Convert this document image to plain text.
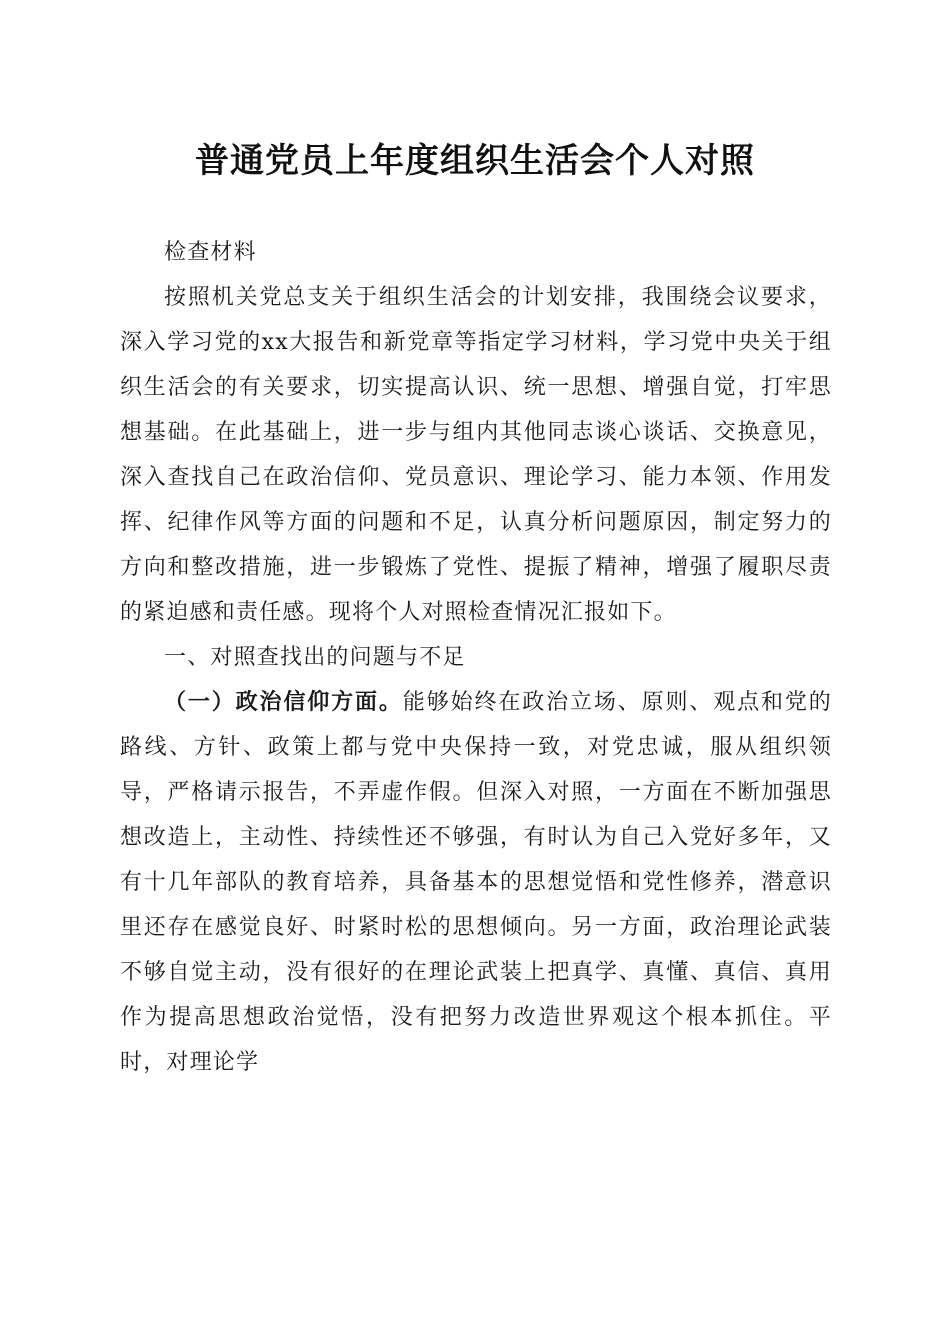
普通党员上年度组织生活会个人对照

检查材料

按照机关党总支关于组织生活会的计划安排，我围绕会议要求，深入学习党的xx大报告和新党章等指定学习材料，学习党中央关于组织生活会的有关要求，切实提高认识、统一思想、增强自觉，打牢思想基础。在此基础上，进一步与组内其他同志谈心谈话、交换意见，深入查找自己在政治信仰、党员意识、理论学习、能力本领、作用发挥、纪律作风等方面的问题和不足，认真分析问题原因，制定努力的方向和整改措施，进一步锻炼了党性、提振了精神，增强了履职尽责的紧迫感和责任感。现将个人对照检查情况汇报如下。

一、对照查找出的问题与不足

（一）政治信仰方面。能够始终在政治立场、原则、观点和党的路线、方针、政策上都与党中央保持一致，对党忠诚，服从组织领导，严格请示报告，不弄虚作假。但深入对照，一方面在不断加强思想改造上，主动性、持续性还不够强，有时认为自己入党好多年，又有十几年部队的教育培养，具备基本的思想觉悟和党性修养，潜意识里还存在感觉良好、时紧时松的思想倾向。另一方面，政治理论武装不够自觉主动，没有很好的在理论武装上把真学、真懂、真信、真用作为提高思想政治觉悟，没有把努力改造世界观这个根本抓住。平时，对理论学
